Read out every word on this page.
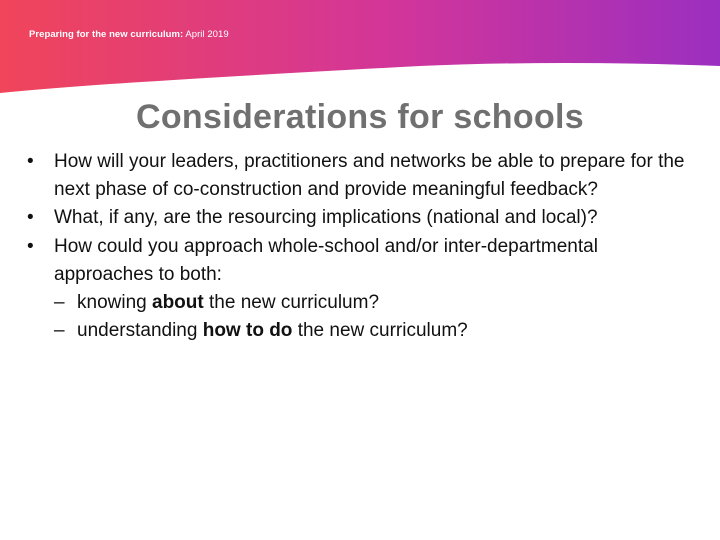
Preparing for the new curriculum: April 2019
Considerations for schools
•	How will your leaders, practitioners and networks be able to prepare for the next phase of co-construction and provide meaningful feedback?
•	What, if any, are the resourcing implications (national and local)?
•	How could you approach whole-school and/or inter-departmental approaches to both:
– knowing about the new curriculum?
– understanding how to do the new curriculum?
